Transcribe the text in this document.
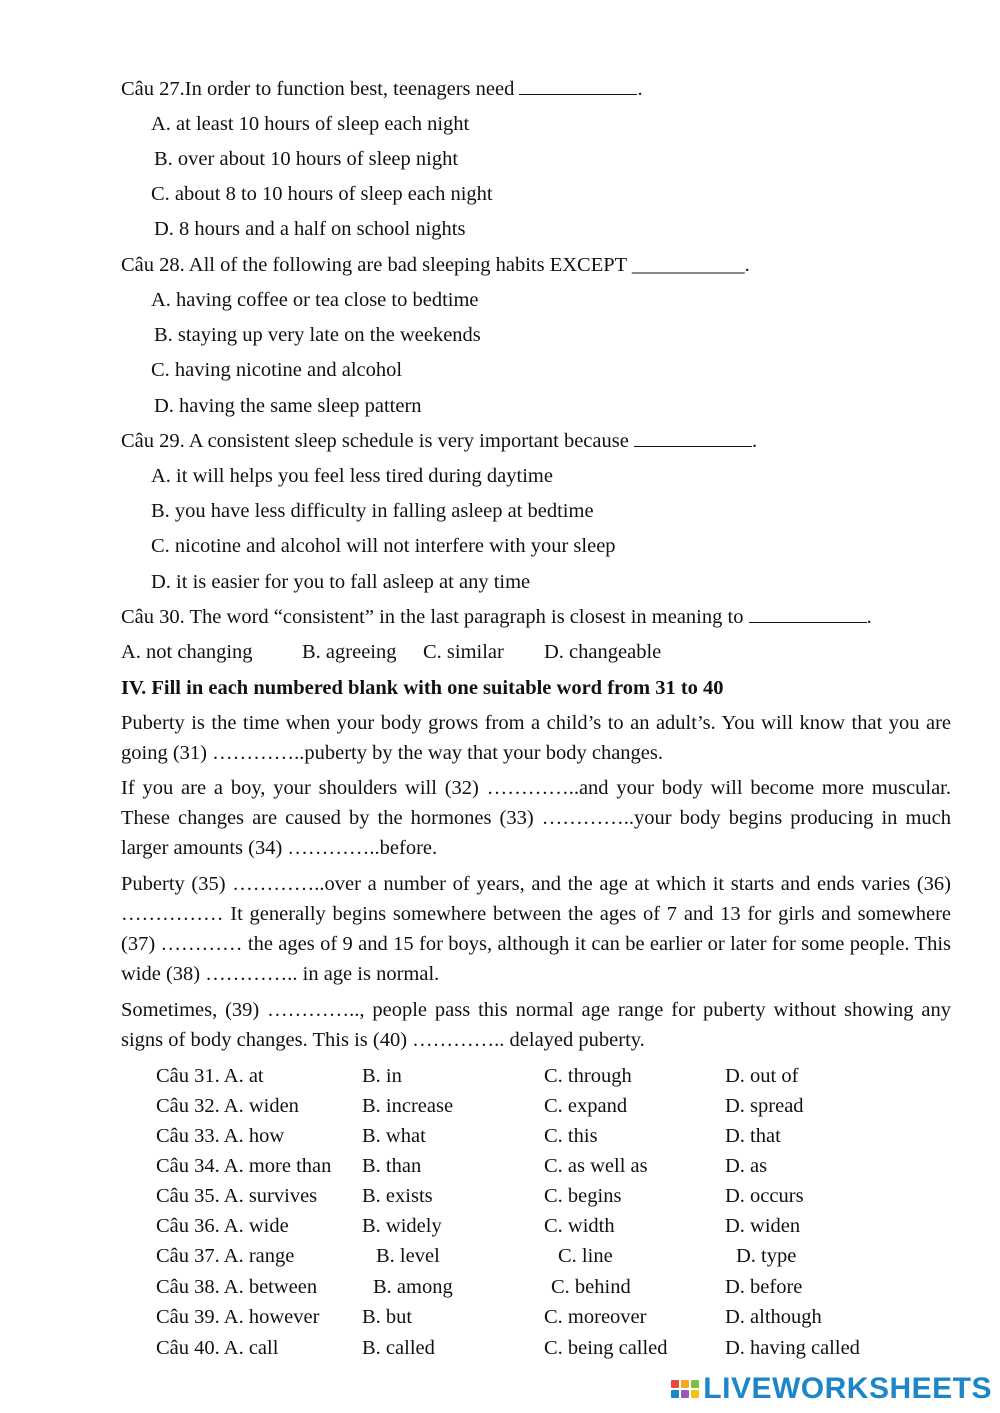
Câu 27.In order to function best, teenagers need	.
A. at least 10 hours of sleep each night
B. over about 10 hours of sleep night
C. about 8 to 10 hours of sleep each night
D. 8 hours and a half on school nights
Câu 28. All of the following are bad sleeping habits EXCEPT ___________.
A. having coffee or tea close to bedtime
B. staying up very late on the weekends
C. having nicotine and alcohol
D. having the same sleep pattern
Câu 29. A consistent sleep schedule is very important because	.
A. it will helps you feel less tired during daytime
B. you have less difficulty in falling asleep at bedtime
C. nicotine and alcohol will not interfere with your sleep
D. it is easier for you to fall asleep at any time
Câu 30. The word “consistent” in the last paragraph is closest in meaning to	.
A. not changing B. agreeing C. similar D. changeable
IV. Fill in each numbered blank with one suitable word from 31 to 40
Puberty is the time when your body grows from a child’s to an adult’s. You will know that you are going (31) …………..puberty by the way that your body changes.
If you are a boy, your shoulders will (32) …………..and your body will become more muscular. These changes are caused by the hormones (33) …………..your body begins producing in much larger amounts (34) …………..before.
Puberty (35) …………..over a number of years, and the age at which it starts and ends varies (36) …………… It generally begins somewhere between the ages of 7 and 13 for girls and somewhere (37) ………… the ages of 9 and 15 for boys, although it can be earlier or later for some people. This wide (38) ………….. in age is normal.
Sometimes, (39) ………….., people pass this normal age range for puberty without showing any signs of body changes. This is (40) ………….. delayed puberty.
Câu 31. A. at	B. in	C. through	D. out of
Câu 32. A. widen	B. increase	C. expand	D. spread
Câu 33. A. how	B. what	C. this	D. that
Câu 34. A. more than B. than	C. as well as	D. as
Câu 35. A. survives B. exists	C. begins	D. occurs
Câu 36. A. wide	B. widely	C. width	D. widen
Câu 37. A. range	B. level	C. line	D. type
Câu 38. A. between	B. among	C. behind	D. before
Câu 39. A. however B. but	C. moreover	D. although
Câu 40. A. call	B. called	C. being called	D. having called
LIVEWORKSHEETS
